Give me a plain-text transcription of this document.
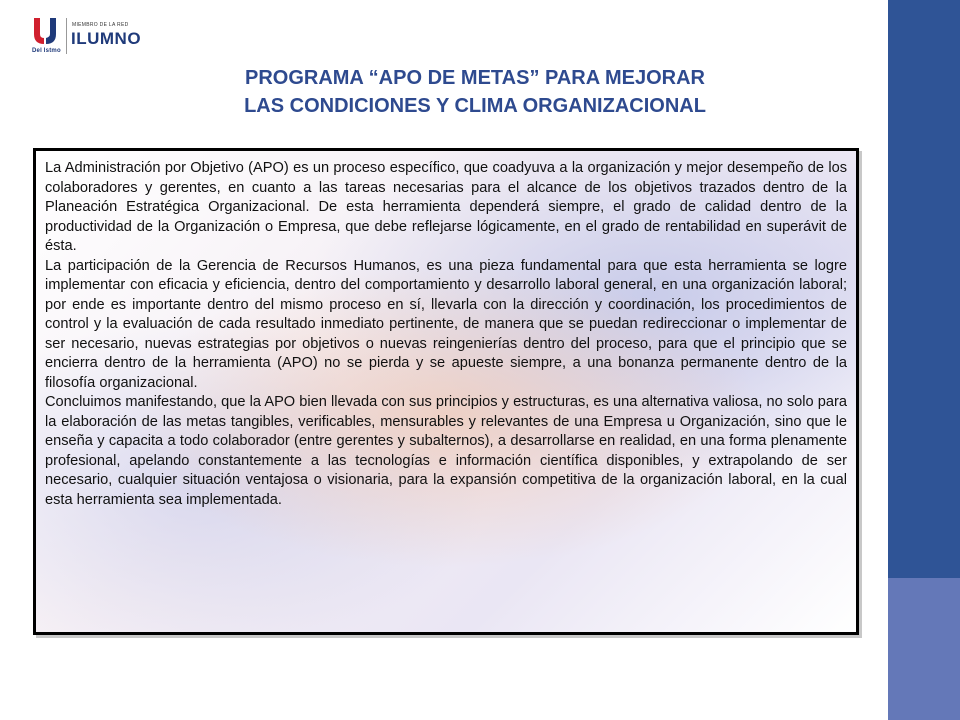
Del Istmo
MIEMBRO DE LA RED
ILUMNO
PROGRAMA “APO DE METAS” PARA MEJORAR
LAS CONDICIONES Y CLIMA ORGANIZACIONAL

La Administración por Objetivo (APO) es un proceso específico, que coadyuva a la organización y mejor desempeño de los colaboradores y gerentes, en cuanto a las tareas necesarias para el alcance de los objetivos trazados dentro de la Planeación Estratégica Organizacional. De esta herramienta dependerá siempre, el grado de calidad dentro de la productividad de la Organización o Empresa, que debe reflejarse lógicamente, en el grado de rentabilidad en superávit de ésta.

La participación de la Gerencia de Recursos Humanos, es una pieza fundamental para que esta herramienta se logre implementar con eficacia y eficiencia, dentro del comportamiento y desarrollo laboral general, en una organización laboral; por ende es importante dentro del mismo proceso en sí, llevarla con la dirección y coordinación, los procedimientos de control y la evaluación de cada resultado inmediato pertinente, de manera que se puedan redireccionar o implementar de ser necesario, nuevas estrategias por objetivos o nuevas reingenierías dentro del proceso, para que el principio que se encierra dentro de la herramienta (APO) no se pierda y se apueste siempre, a una bonanza permanente dentro de la filosofía organizacional.

Concluimos manifestando, que la APO bien llevada con sus principios y estructuras, es una alternativa valiosa, no solo para la elaboración de las metas tangibles, verificables, mensurables y relevantes de una Empresa u Organización, sino que le enseña y capacita a todo colaborador (entre gerentes y subalternos), a desarrollarse en realidad, en una forma plenamente profesional, apelando constantemente a las tecnologías e información científica disponibles, y extrapolando de ser necesario, cualquier situación ventajosa o visionaria, para la expansión competitiva de la organización laboral, en la cual esta herramienta sea implementada.
